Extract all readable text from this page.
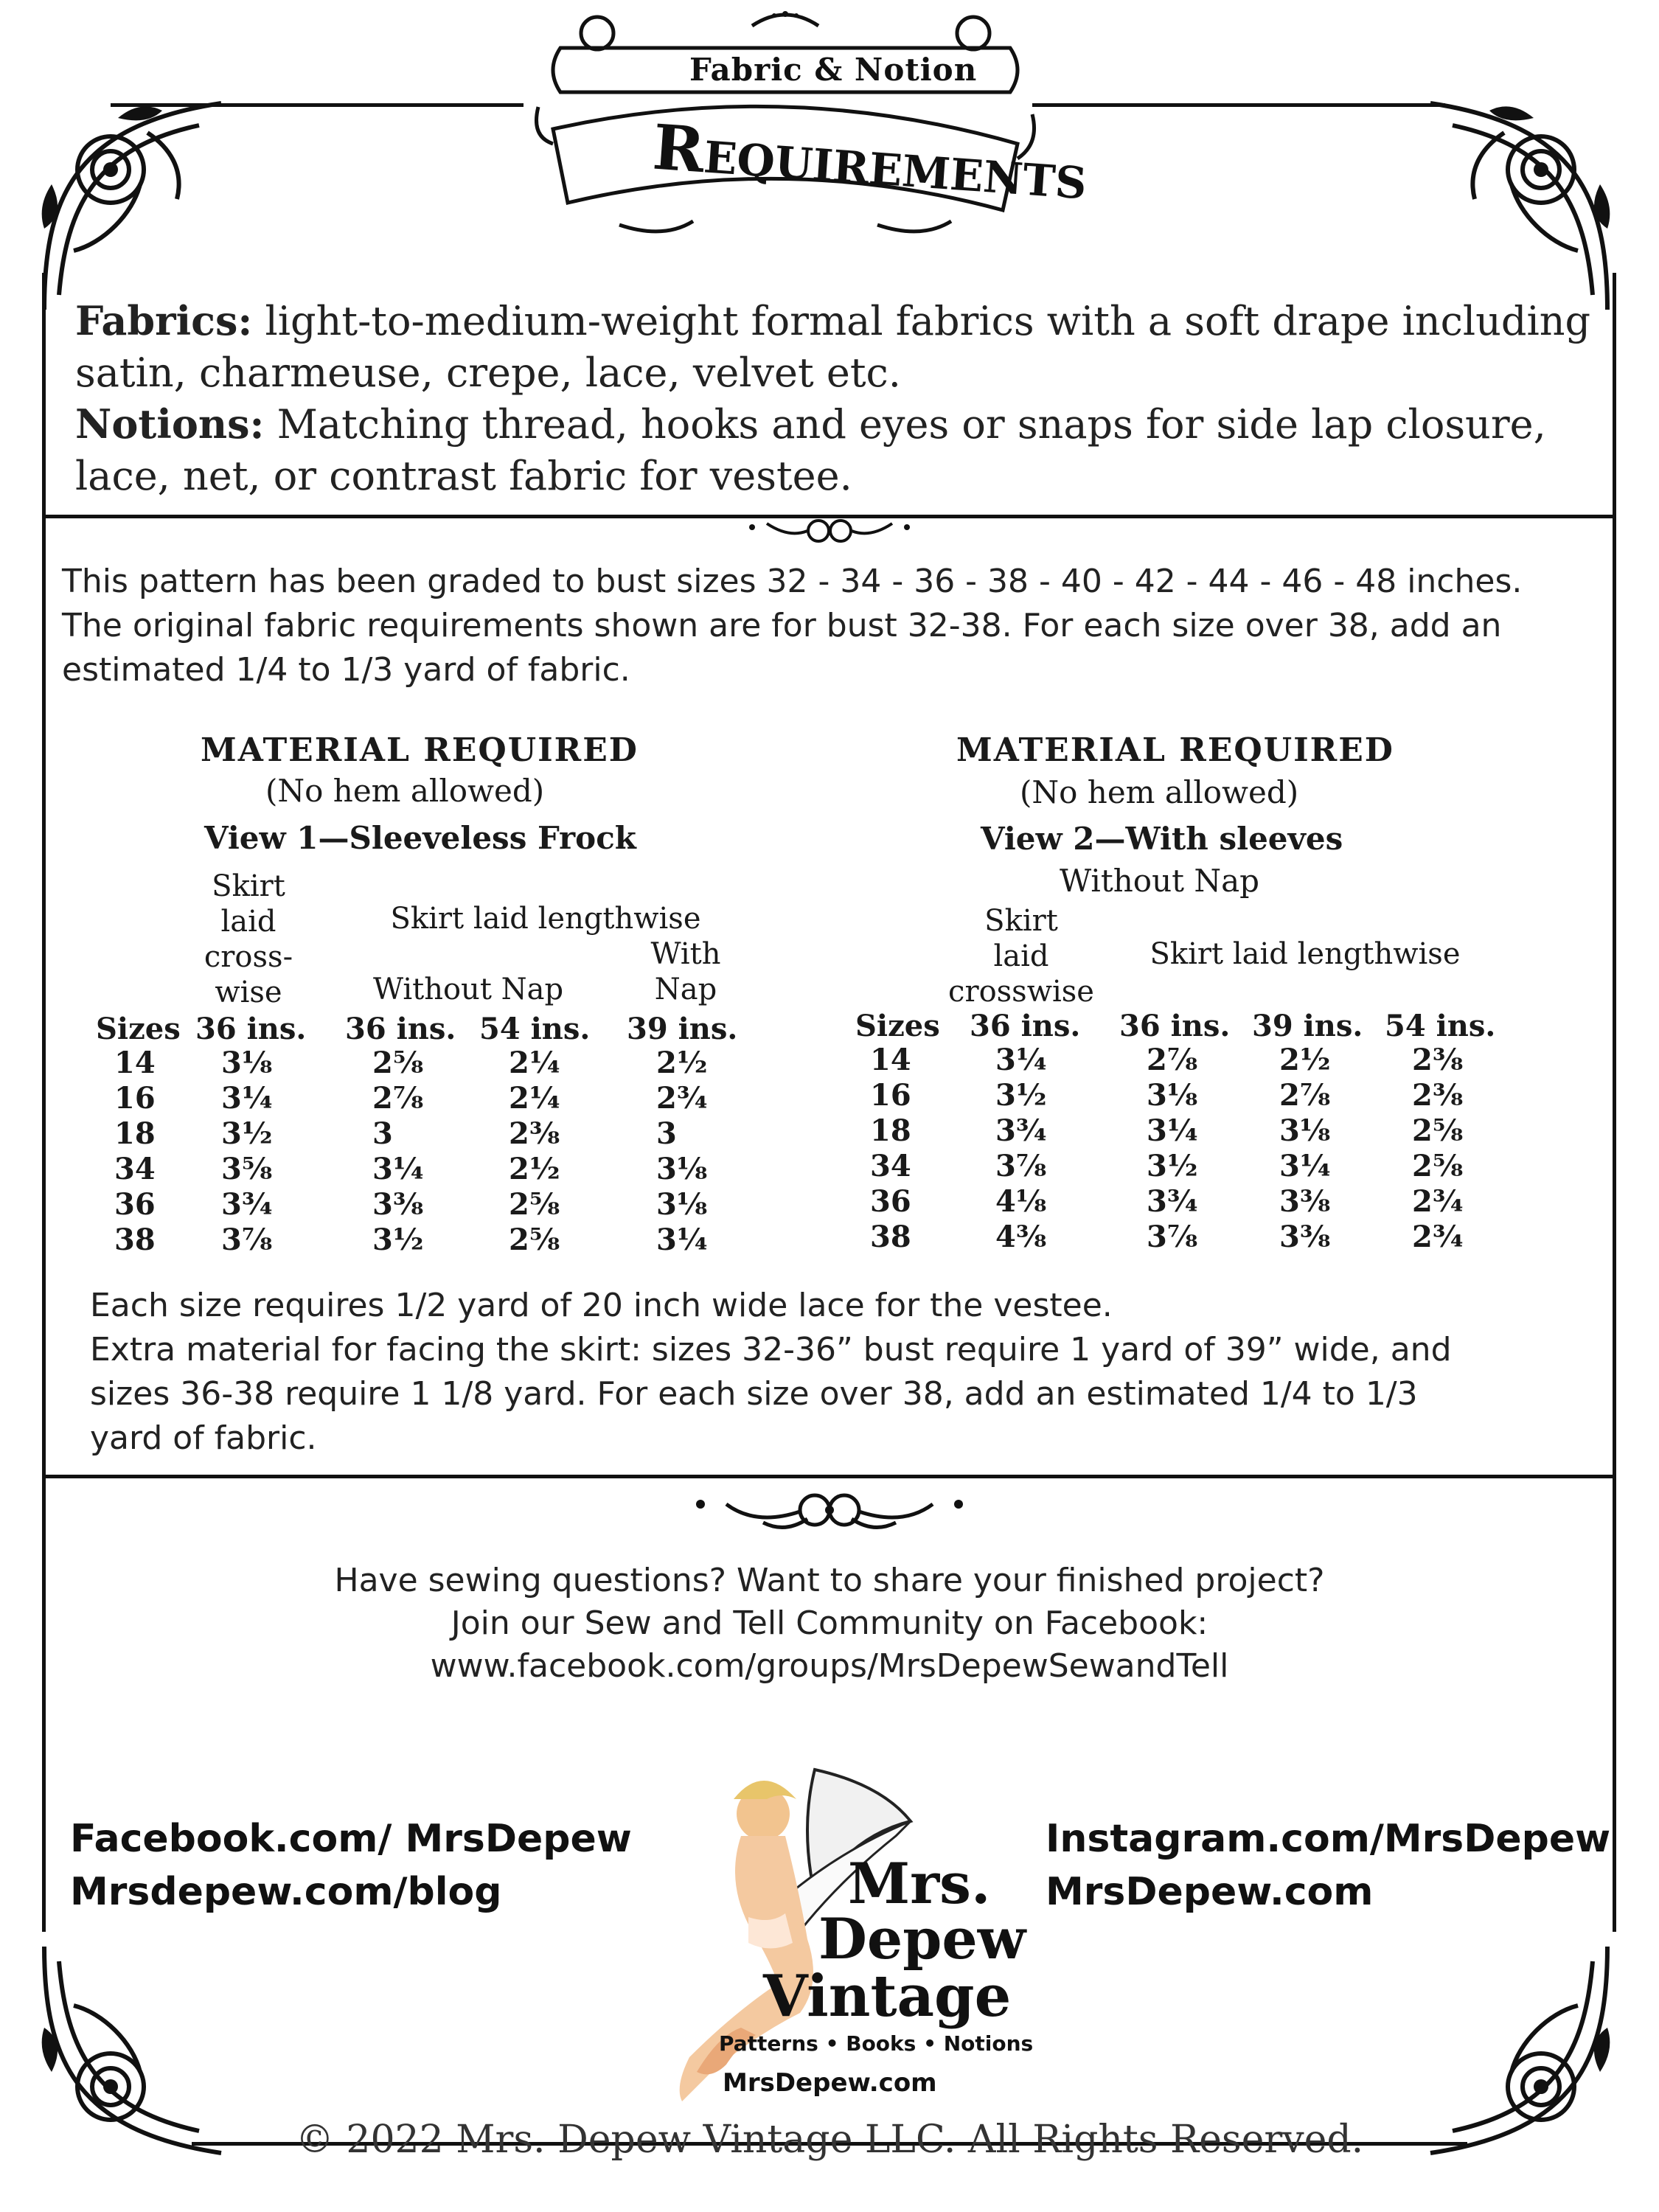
Fabric & Notion
Requirements
Fabrics: light-to-medium-weight formal fabrics with a soft drape including satin, charmeuse, crepe, lace, velvet etc.
Notions: Matching thread, hooks and eyes or snaps for side lap closure, lace, net, or contrast fabric for vestee.
This pattern has been graded to bust sizes 32 - 34 - 36 - 38 - 40 - 42 - 44 - 46 - 48 inches.
The original fabric requirements shown are for bust 32-38. For each size over 38, add an
estimated 1/4 to 1/3 yard of fabric.
MATERIAL REQUIRED
(No hem allowed)
View 1—Sleeveless Frock
Skirt
laid
cross-
wise
Skirt laid lengthwise
With
Nap
Without Nap
Sizes 36 ins. 36 ins. 54 ins. 39 ins.
14 3⅛	2⅝	2¼	2½
16 3¼	2⅞	2¼	2¾
18 3½	3	2⅜	3
34 3⅝	3¼	2½	3⅛
36 3¾	3⅜	2⅝	3⅛
38 3⅞	3½	2⅝	3¼
MATERIAL REQUIRED
(No hem allowed)
View 2—With sleeves
Without Nap
Skirt
laid
crosswise
Skirt laid lengthwise
Sizes 36 ins. 36 ins. 39 ins. 54 ins.
14	3¼	2⅞	2½	2⅜
16	3½	3⅛	2⅞	2⅜
18	3¾	3¼	3⅛	2⅝
34	3⅞	3½	3¼	2⅝
36	4⅛	3¾	3⅜	2¾
38	4⅜	3⅞	3⅜	2¾
Each size requires 1/2 yard of 20 inch wide lace for the vestee.
Extra material for facing the skirt: sizes 32-36” bust require 1 yard of 39” wide, and
sizes 36-38 require 1 1/8 yard. For each size over 38, add an estimated 1/4 to 1/3
yard of fabric.
Have sewing questions? Want to share your finished project?
Join our Sew and Tell Community on Facebook:
www.facebook.com/groups/MrsDepewSewandTell
Facebook.com/ MrsDepew
Mrsdepew.com/blog
Instagram.com/MrsDepew
MrsDepew.com
Mrs.
Depew
Vintage
Patterns • Books • Notions
MrsDepew.com
© 2022 Mrs. Depew Vintage LLC. All Rights Reserved.
